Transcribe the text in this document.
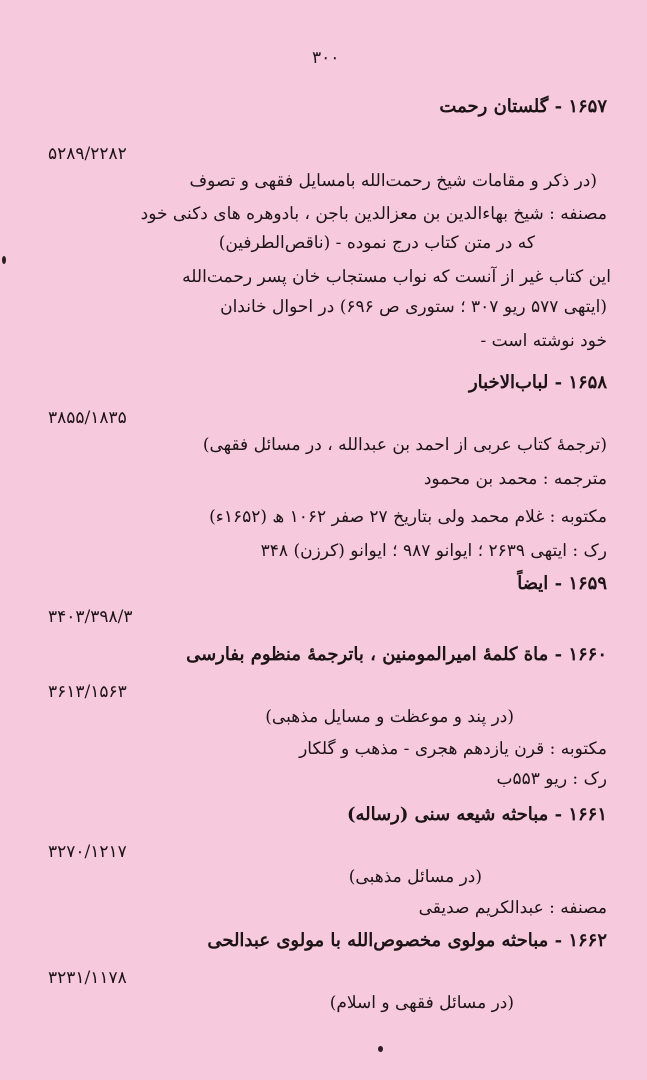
۳۰۰
۱۶۵۷ - گلستان رحمت
۵۲۸۹/۲۲۸۲
(در ذکر و مقامات شیخ رحمت‌الله بامسایل فقهی و تصوف
مصنفه : شیخ بهاءالدین بن معزالدین باجن ، بادوهره های دکنی خود
که در متن کتاب درج نموده - (ناقص‌الطرفین)
این کتاب غیر از آنست که نواب مستجاب خان پسر رحمت‌الله
(ایتهی ۵۷۷ ریو ۳۰۷ ؛ ستوری ص ۶۹۶) در احوال خاندان
خود نوشته است -
۱۶۵۸ - لباب‌الاخبار
۳۸۵۵/۱۸۳۵
(ترجمهٔ کتاب عربی از احمد بن عبدالله ، در مسائل فقهی)
مترجمه : محمد بن محمود
مکتوبه : غلام محمد ولی بتاریخ ۲۷ صفر ۱۰۶۲ ھ (۱۶۵۲ء)
رک : ایتهی ۲۶۳۹ ؛ ایوانو ۹۸۷ ؛ ایوانو (کرزن) ۳۴۸
۱۶۵۹ - ایضاً
۳۴۰۳/۳۹۸/۳
۱۶۶۰ - ماة کلمهٔ امیرالمومنین ، باترجمهٔ منظوم بفارسی
۳۶۱۳/۱۵۶۳
(در پند و موعظت و مسایل مذهبی)
مکتوبه : قرن یازدهم هجری - مذهب و گلکار
رک : ریو ۵۵۳ب
۱۶۶۱ - مباحثه شیعه سنی (رساله)
۳۲۷۰/۱۲۱۷
(در مسائل مذهبی)
مصنفه : عبدالکریم صدیقی
۱۶۶۲ - مباحثه مولوی مخصوص‌الله با مولوی عبدالحی
۳۲۳۱/۱۱۷۸
(در مسائل فقهی و اسلام)
